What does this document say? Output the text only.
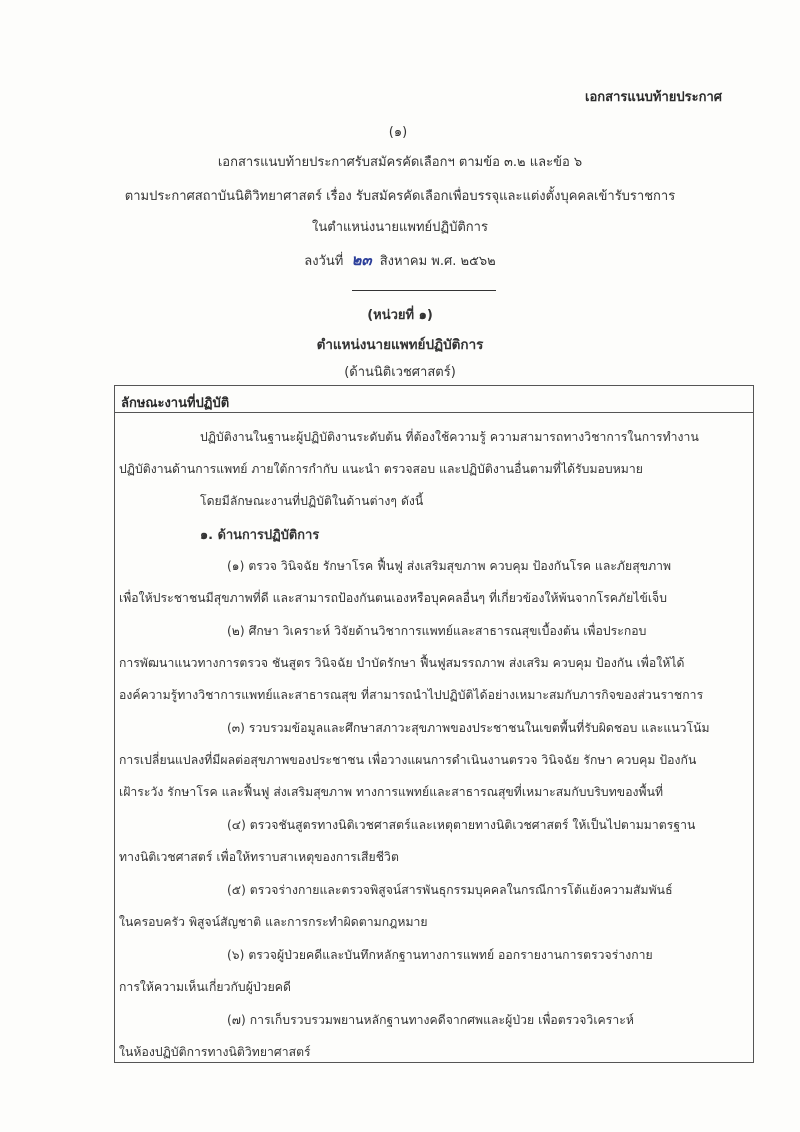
เอกสารแนบท้ายประกาศ
(๑)
เอกสารแนบท้ายประกาศรับสมัครคัดเลือกฯ ตามข้อ ๓.๒ และข้อ ๖
ตามประกาศสถาบันนิติวิทยาศาสตร์ เรื่อง รับสมัครคัดเลือกเพื่อบรรจุและแต่งตั้งบุคคลเข้ารับราชการ
ในตำแหน่งนายแพทย์ปฏิบัติการ
ลงวันที่ ๒๓ สิงหาคม พ.ศ. ๒๕๖๒
(หน่วยที่ ๑)
ตำแหน่งนายแพทย์ปฏิบัติการ
(ด้านนิติเวชศาสตร์)
ลักษณะงานที่ปฏิบัติ
ปฏิบัติงานในฐานะผู้ปฏิบัติงานระดับต้น ที่ต้องใช้ความรู้ ความสามารถทางวิชาการในการทำงาน
ปฏิบัติงานด้านการแพทย์ ภายใต้การกำกับ แนะนำ ตรวจสอบ และปฏิบัติงานอื่นตามที่ได้รับมอบหมาย
โดยมีลักษณะงานที่ปฏิบัติในด้านต่างๆ ดังนี้
๑. ด้านการปฏิบัติการ
(๑) ตรวจ วินิจฉัย รักษาโรค ฟื้นฟู ส่งเสริมสุขภาพ ควบคุม ป้องกันโรค และภัยสุขภาพ
เพื่อให้ประชาชนมีสุขภาพที่ดี และสามารถป้องกันตนเองหรือบุคคลอื่นๆ ที่เกี่ยวข้องให้พ้นจากโรคภัยไข้เจ็บ
(๒) ศึกษา วิเคราะห์ วิจัยด้านวิชาการแพทย์และสาธารณสุขเบื้องต้น เพื่อประกอบ
การพัฒนาแนวทางการตรวจ ชันสูตร วินิจฉัย บำบัดรักษา ฟื้นฟูสมรรถภาพ ส่งเสริม ควบคุม ป้องกัน เพื่อให้ได้
องค์ความรู้ทางวิชาการแพทย์และสาธารณสุข ที่สามารถนำไปปฏิบัติได้อย่างเหมาะสมกับภารกิจของส่วนราชการ
(๓) รวบรวมข้อมูลและศึกษาสภาวะสุขภาพของประชาชนในเขตพื้นที่รับผิดชอบ และแนวโน้ม
การเปลี่ยนแปลงที่มีผลต่อสุขภาพของประชาชน เพื่อวางแผนการดำเนินงานตรวจ วินิจฉัย รักษา ควบคุม ป้องกัน
เฝ้าระวัง รักษาโรค และฟื้นฟู ส่งเสริมสุขภาพ ทางการแพทย์และสาธารณสุขที่เหมาะสมกับบริบทของพื้นที่
(๔) ตรวจชันสูตรทางนิติเวชศาสตร์และเหตุตายทางนิติเวชศาสตร์ ให้เป็นไปตามมาตรฐาน
ทางนิติเวชศาสตร์ เพื่อให้ทราบสาเหตุของการเสียชีวิต
(๕) ตรวจร่างกายและตรวจพิสูจน์สารพันธุกรรมบุคคลในกรณีการโต้แย้งความสัมพันธ์
ในครอบครัว พิสูจน์สัญชาติ และการกระทำผิดตามกฎหมาย
(๖) ตรวจผู้ป่วยคดีและบันทึกหลักฐานทางการแพทย์ ออกรายงานการตรวจร่างกาย
การให้ความเห็นเกี่ยวกับผู้ป่วยคดี
(๗) การเก็บรวบรวมพยานหลักฐานทางคดีจากศพและผู้ป่วย เพื่อตรวจวิเคราะห์
ในห้องปฏิบัติการทางนิติวิทยาศาสตร์
